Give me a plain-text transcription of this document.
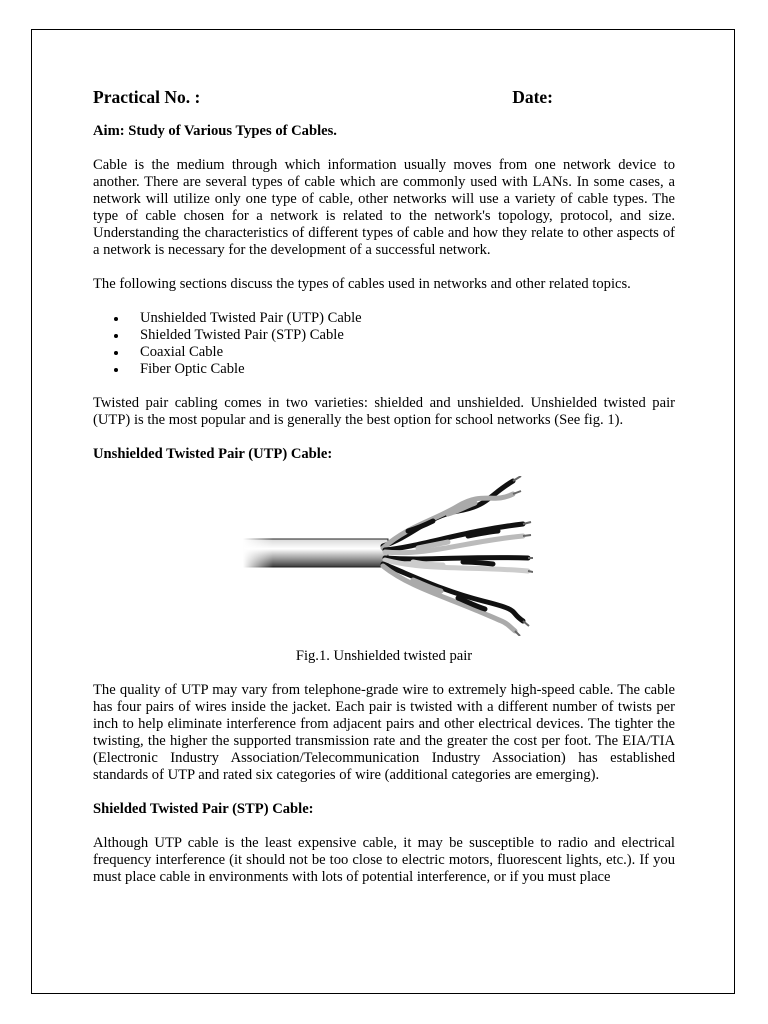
Practical No. :	Date:

Aim: Study of Various Types of Cables.

Cable is the medium through which information usually moves from one network device to another. There are several types of cable which are commonly used with LANs. In some cases, a network will utilize only one type of cable, other networks will use a variety of cable types. The type of cable chosen for a network is related to the network's topology, protocol, and size. Understanding the characteristics of different types of cable and how they relate to other aspects of a network is necessary for the development of a successful network.

The following sections discuss the types of cables used in networks and other related topics.

Unshielded Twisted Pair (UTP) Cable
Shielded Twisted Pair (STP) Cable
Coaxial Cable
Fiber Optic Cable

Twisted pair cabling comes in two varieties: shielded and unshielded. Unshielded twisted pair (UTP) is the most popular and is generally the best option for school networks (See fig. 1).

Unshielded Twisted Pair (UTP) Cable:

Fig.1. Unshielded twisted pair

The quality of UTP may vary from telephone-grade wire to extremely high-speed cable. The cable has four pairs of wires inside the jacket. Each pair is twisted with a different number of twists per inch to help eliminate interference from adjacent pairs and other electrical devices. The tighter the twisting, the higher the supported transmission rate and the greater the cost per foot. The EIA/TIA (Electronic Industry Association/Telecommunication Industry Association) has established standards of UTP and rated six categories of wire (additional categories are emerging).

Shielded Twisted Pair (STP) Cable:

Although UTP cable is the least expensive cable, it may be susceptible to radio and electrical frequency interference (it should not be too close to electric motors, fluorescent lights, etc.). If you must place cable in environments with lots of potential interference, or if you must place
